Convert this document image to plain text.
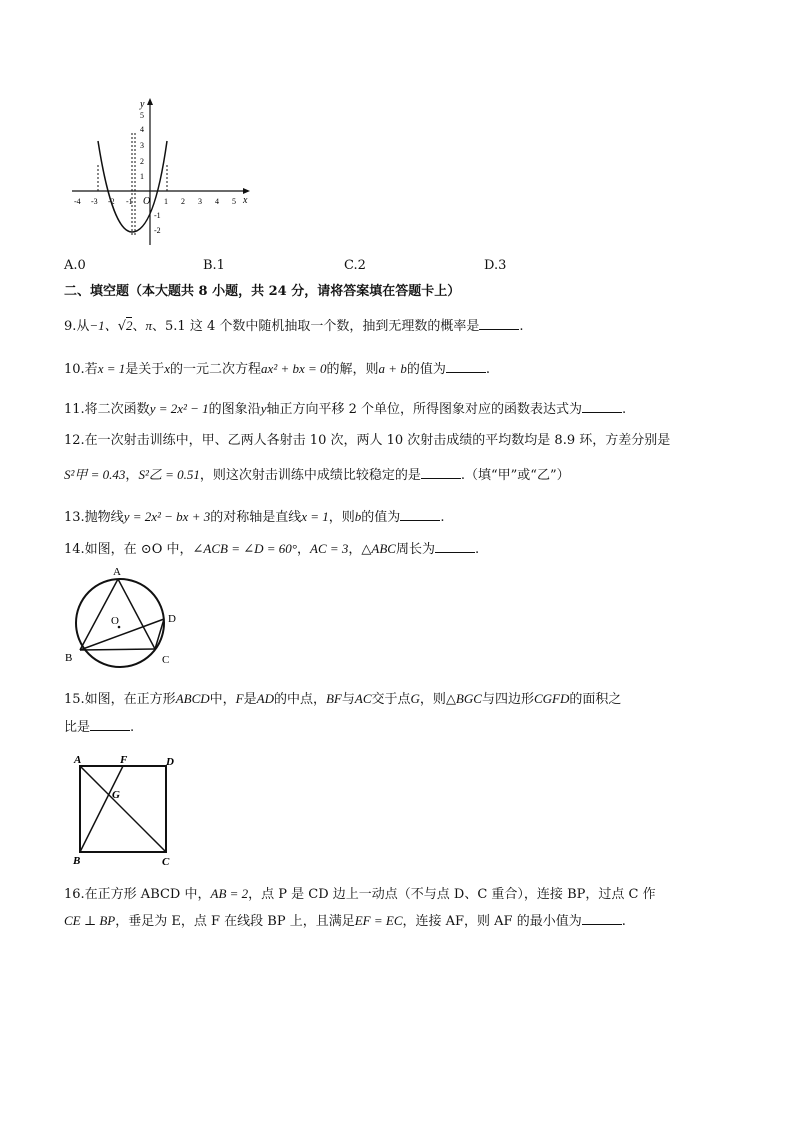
y
x
O
-4 -3 -2 -1	1 2 3 4 5
5
4
3
2
1
-1
-2
A.0	B.1	C.2	D.3
二、填空题（本大题共 8 小题，共 24 分，请将答案填在答题卡上）
9.从−1、√2、π、5.1 这 4 个数中随机抽取一个数，抽到无理数的概率是	.
10.若x = 1是关于x的一元二次方程ax² + bx = 0的解，则a + b的值为	.
11.将二次函数y = 2x² − 1的图象沿y轴正方向平移 2 个单位，所得图象对应的函数表达式为	.
12.在一次射击训练中，甲、乙两人各射击 10 次，两人 10 次射击成绩的平均数均是 8.9 环，方差分别是
S²甲 = 0.43，S²乙 = 0.51，则这次射击训练中成绩比较稳定的是	.（填“甲”或“乙”）
13.抛物线y = 2x² − bx + 3的对称轴是直线x = 1，则b的值为	.
14.如图，在 ⊙O 中，∠ACB = ∠D = 60°，AC = 3，△ABC周长为	.
A
B	C
D
O
15.如图，在正方形ABCD中，F是AD的中点，BF与AC交于点G，则△BGC与四边形CGFD的面积之
比是	.
A	F	D
G
B	C
16.在正方形 ABCD 中，AB = 2，点 P 是 CD 边上一动点（不与点 D、C 重合），连接 BP，过点 C 作
CE ⊥ BP，垂足为 E，点 F 在线段 BP 上，且满足EF = EC，连接 AF，则 AF 的最小值为	.
